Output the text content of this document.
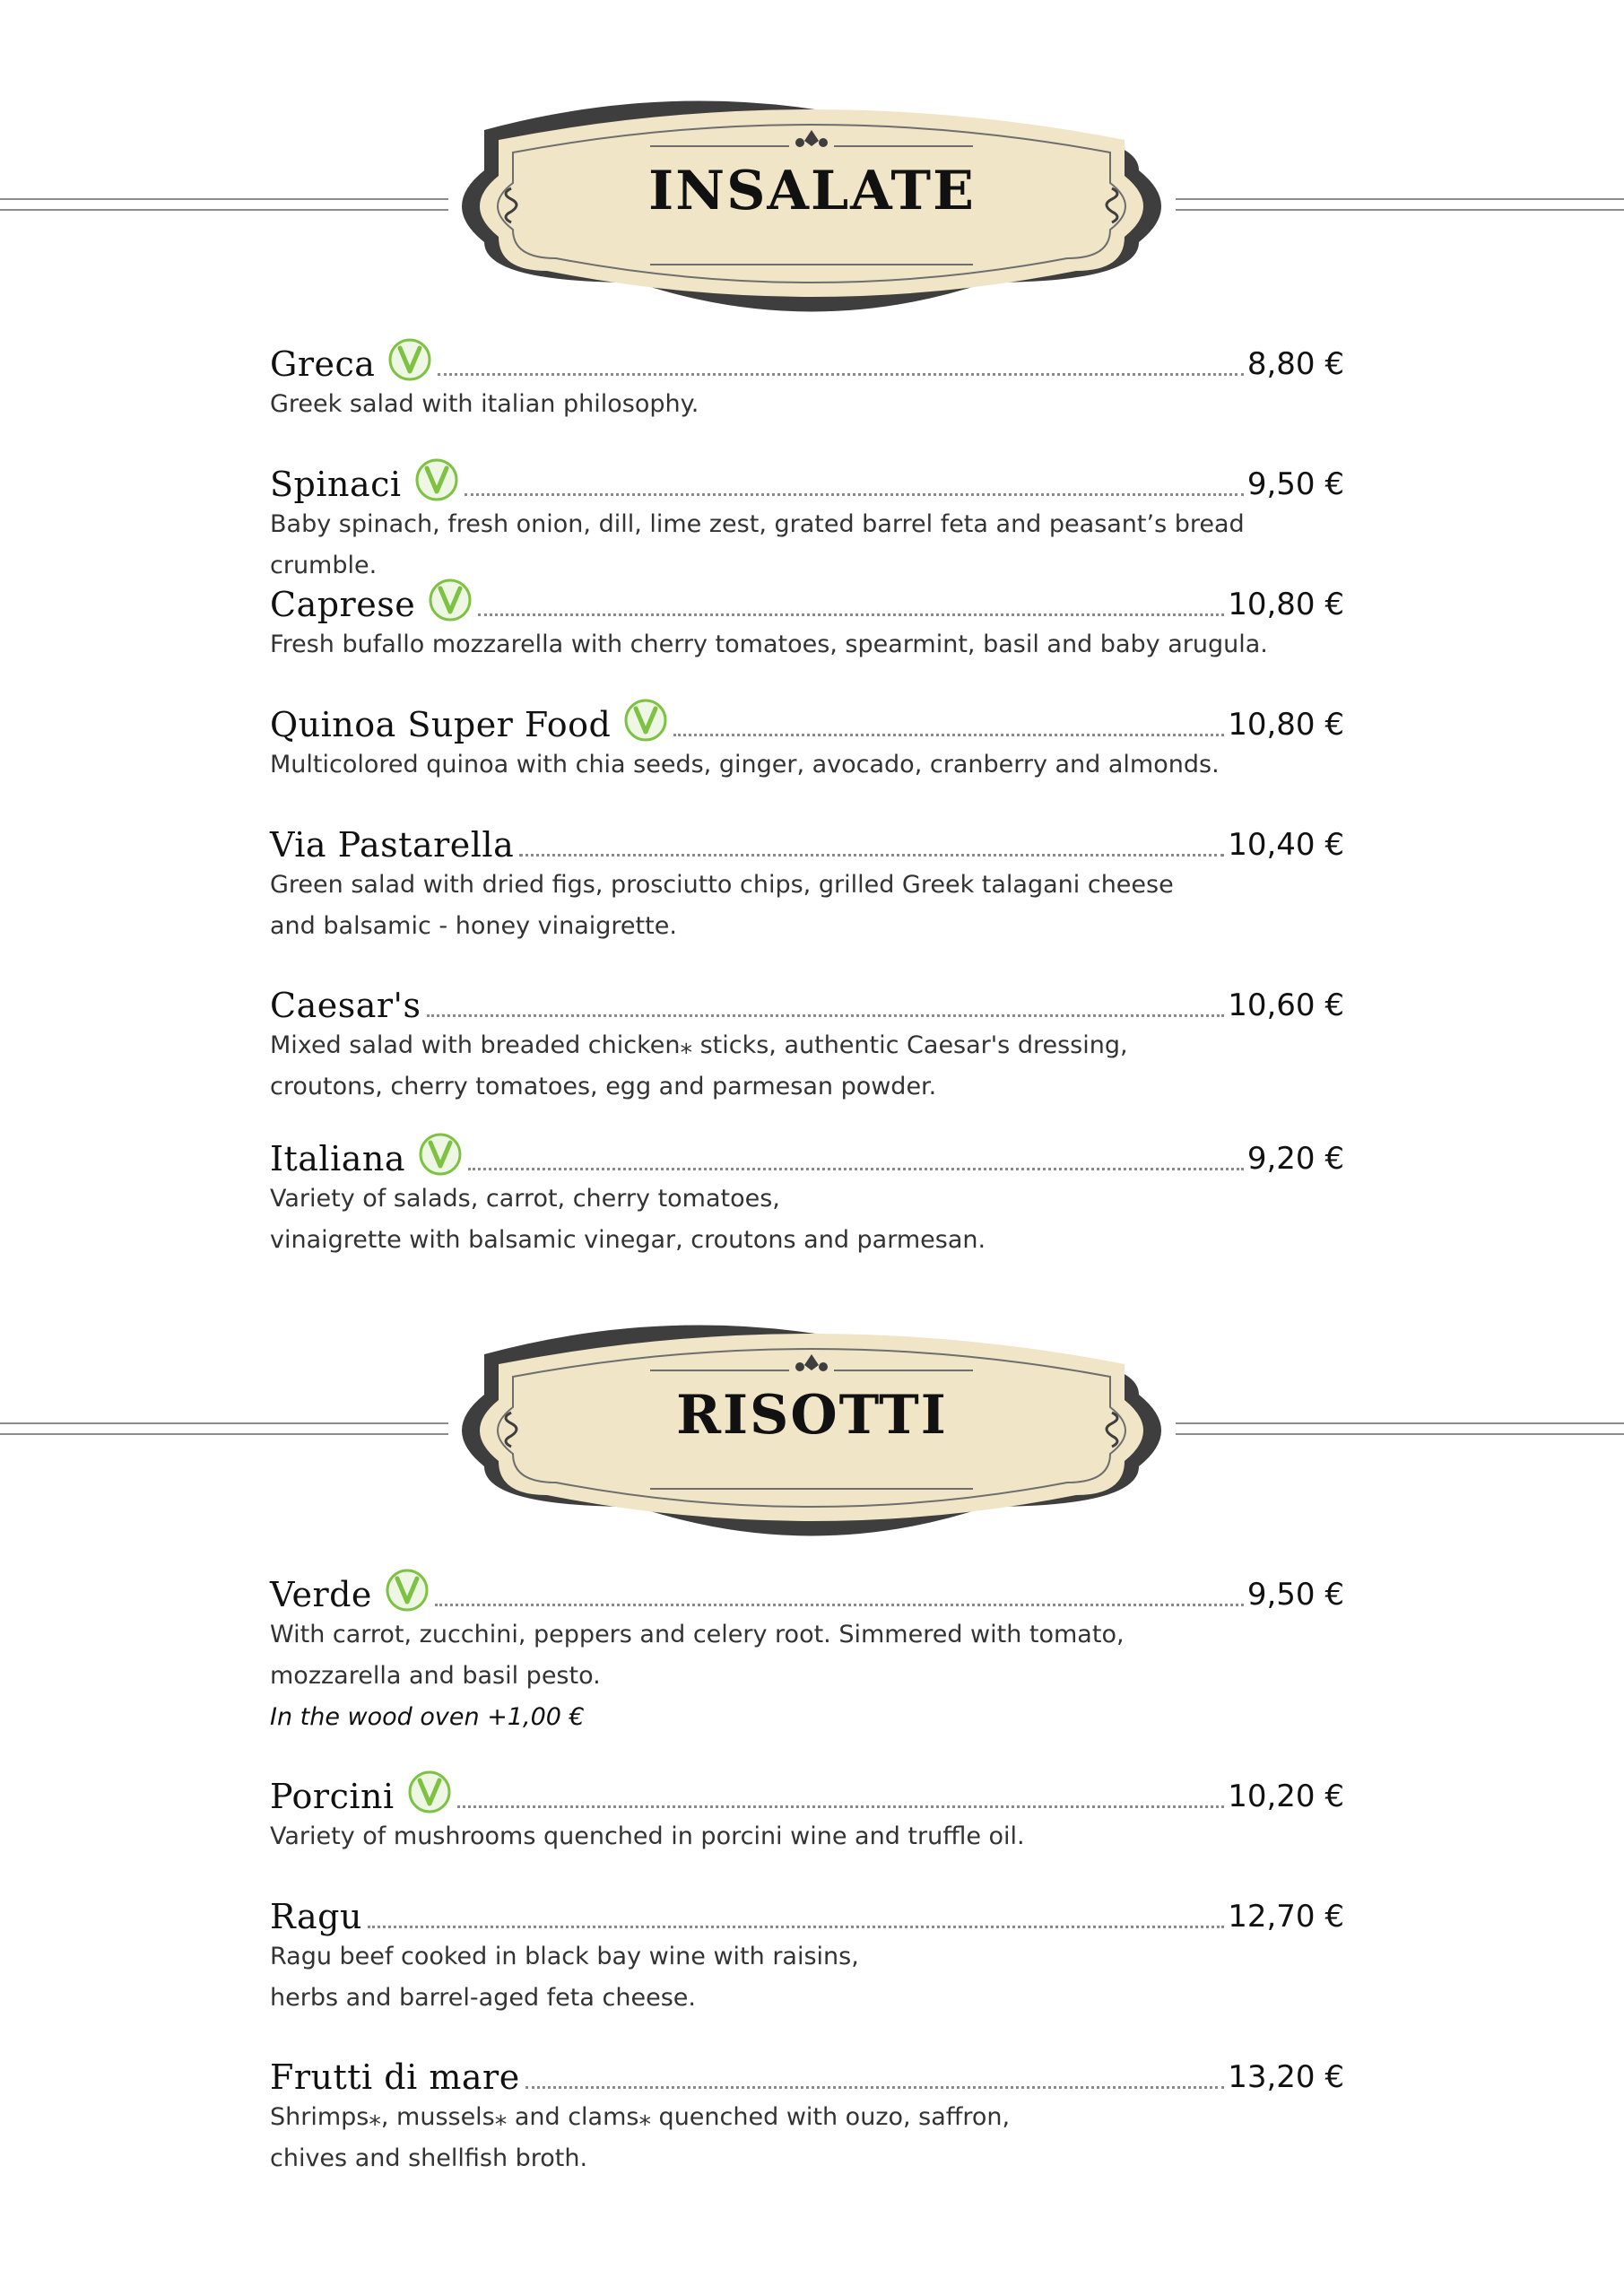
INSALATE
RISOTTI
Greca	8,80 €
Greek salad with italian philosophy.
Spinaci	9,50 €
Baby spinach, fresh onion, dill, lime zest, grated barrel feta and peasant’s bread crumble.
Caprese	10,80 €
Fresh bufallo mozzarella with cherry tomatoes, spearmint, basil and baby arugula.
Quinoa Super Food	10,80 €
Multicolored quinoa with chia seeds, ginger, avocado, cranberry and almonds.
Via Pastarella	10,40 €
Green salad with dried figs, prosciutto chips, grilled Greek talagani cheese
and balsamic - honey vinaigrette.
Caesar's	10,60 €
Mixed salad with breaded chicken⁎ sticks, authentic Caesar's dressing,
croutons, cherry tomatoes, egg and parmesan powder.
Italiana	9,20 €
Variety of salads, carrot, cherry tomatoes,
vinaigrette with balsamic vinegar, croutons and parmesan.
Verde	9,50 €
With carrot, zucchini, peppers and celery root. Simmered with tomato,
mozzarella and basil pesto.
In the wood oven +1,00 €
Porcini	10,20 €
Variety of mushrooms quenched in porcini wine and truffle oil.
Ragu	12,70 €
Ragu beef cooked in black bay wine with raisins,
herbs and barrel-aged feta cheese.
Frutti di mare	13,20 €
Shrimps⁎, mussels⁎ and clams⁎ quenched with ouzo, saffron,
chives and shellfish broth.
